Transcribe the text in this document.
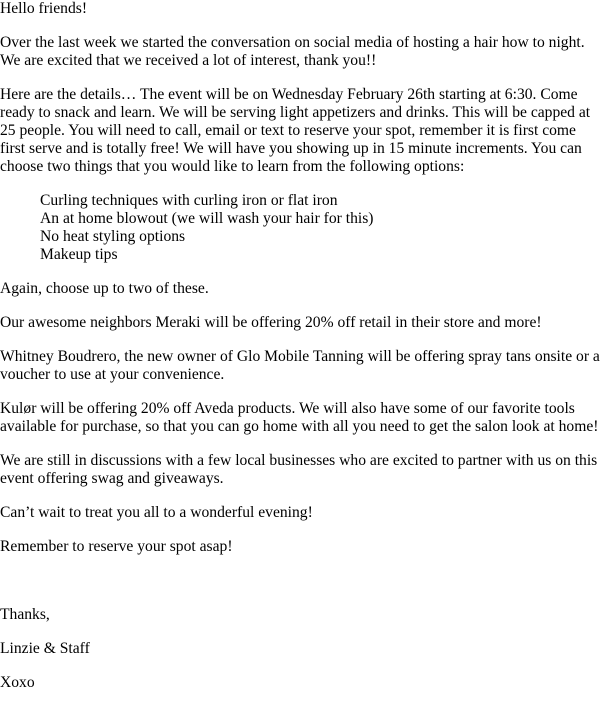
Hello friends!

Over the last week we started the conversation on social media of hosting a hair how to night. We are excited that we received a lot of interest, thank you!!

Here are the details… The event will be on Wednesday February 26th starting at 6:30. Come ready to snack and learn. We will be serving light appetizers and drinks. This will be capped at 25 people. You will need to call, email or text to reserve your spot, remember it is first come first serve and is totally free! We will have you showing up in 15 minute increments. You can choose two things that you would like to learn from the following options:

Curling techniques with curling iron or flat iron
An at home blowout (we will wash your hair for this)
No heat styling options
Makeup tips

Again, choose up to two of these.

Our awesome neighbors Meraki will be offering 20% off retail in their store and more!

Whitney Boudrero, the new owner of Glo Mobile Tanning will be offering spray tans onsite or a voucher to use at your convenience.

Kulør will be offering 20% off Aveda products. We will also have some of our favorite tools available for purchase, so that you can go home with all you need to get the salon look at home!

We are still in discussions with a few local businesses who are excited to partner with us on this event offering swag and giveaways.

Can’t wait to treat you all to a wonderful evening!

Remember to reserve your spot asap!

Thanks,

Linzie & Staff

Xoxo
